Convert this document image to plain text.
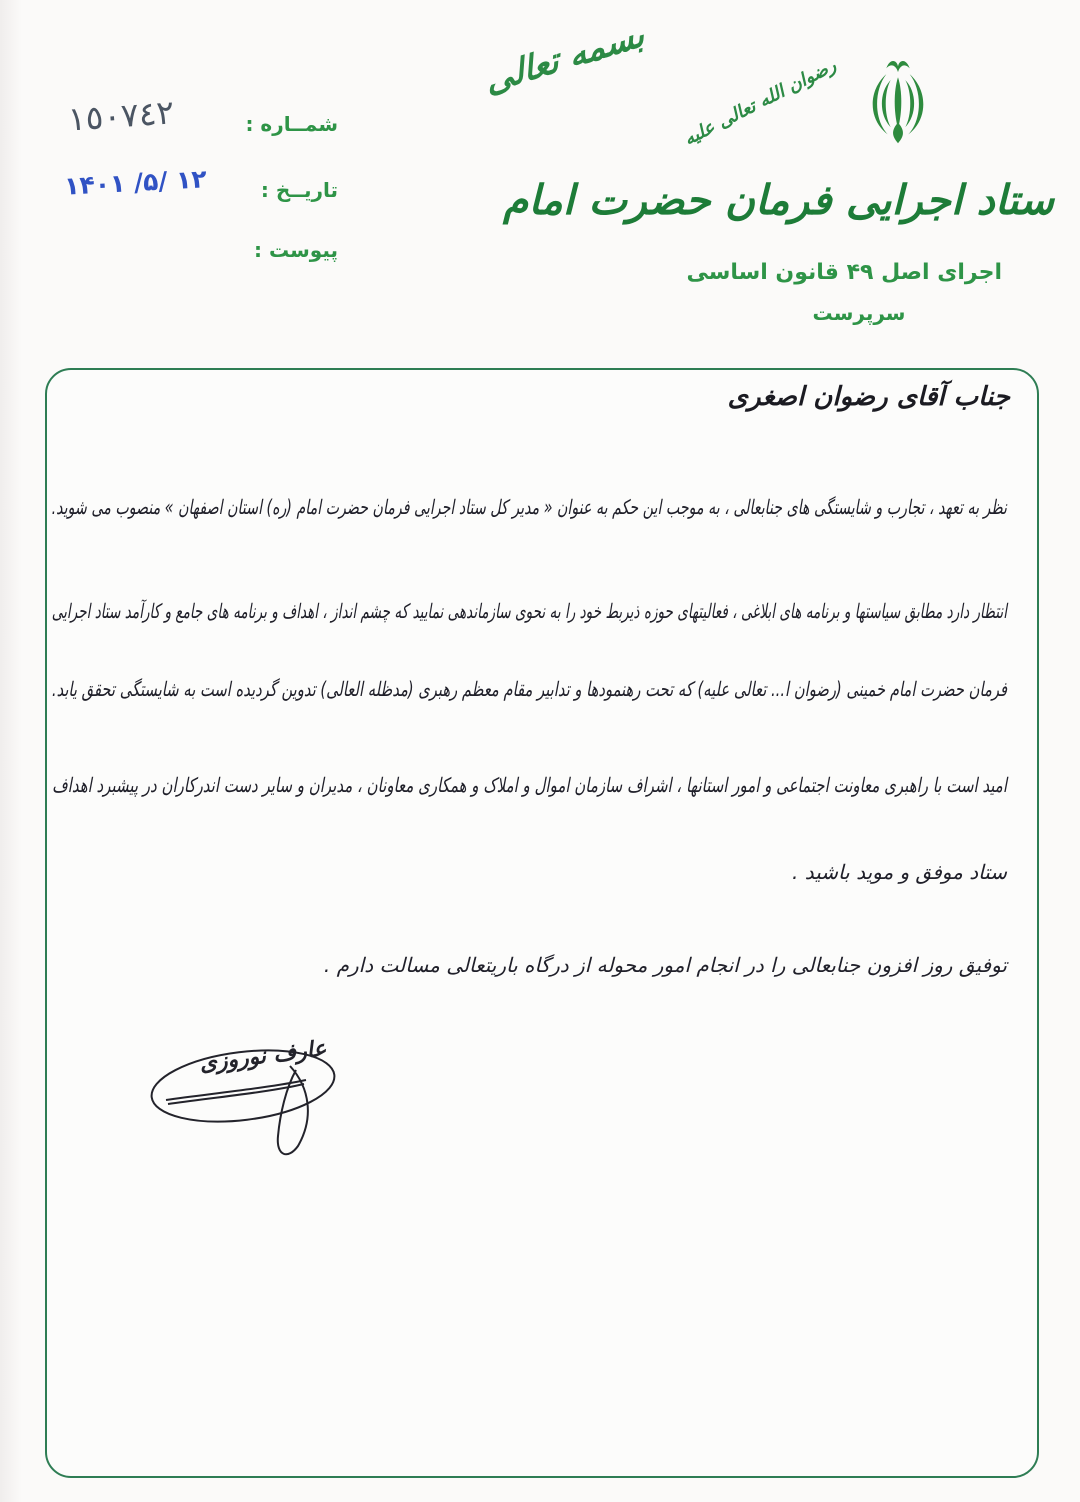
بسمه تعالی	رضوان الله تعالی علیه
ستاد اجرایی فرمان حضرت امام
اجرای اصل ۴۹ قانون اساسی
سرپرست
شمــاره :
١٥٠٧٤٢
تاریــخ :
۱۴۰۱ /۵/ ۱۲
پیوست :
جناب آقای رضوان اصغری
نظر به تعهد ، تجارب و شایستگی های جنابعالی ، به موجب این حکم به عنوان « مدیر کل ستاد اجرایی فرمان حضرت امام (ره) استان اصفهان » منصوب می شوید.
انتظار دارد مطابق سیاستها و برنامه های ابلاغی ، فعالیتهای حوزه ذیربط خود را به نحوی سازماندهی نمایید که چشم انداز ، اهداف و برنامه های جامع و کارآمد ستاد اجرایی
فرمان حضرت امام خمینی (رضوان ا... تعالی علیه) که تحت رهنمودها و تدابیر مقام معظم رهبری (مدظله العالی) تدوین گردیده است به شایستگی تحقق یابد.
امید است با راهبری معاونت اجتماعی و امور استانها ، اشراف سازمان اموال و املاک و همکاری معاونان ، مدیران و سایر دست اندرکاران در پیشبرد اهداف
ستاد موفق و موید باشید .
توفیق روز افزون جنابعالی را در انجام امور محوله از درگاه باریتعالی مسالت دارم .
عارف نوروزی
